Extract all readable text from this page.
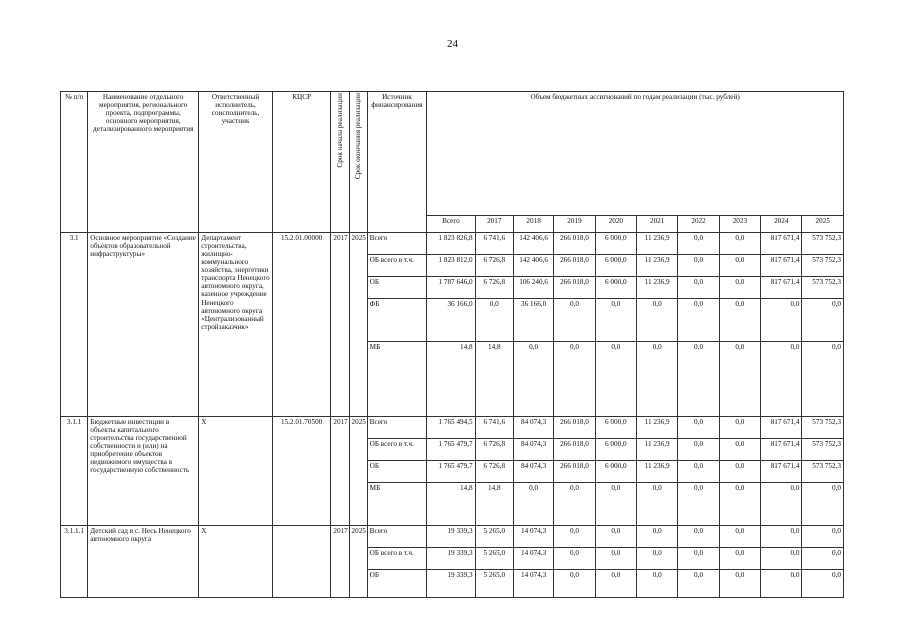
24
№ п/п	Наименование отдельного мероприятия, регионального проекта, подпрограммы, основного мероприятия, детализированного мероприятия	Ответственный исполнитель, соисполнитель, участник	КЦСР	Срок начала реализации	Срок окончания реализации	Источник финансирования	Объем бюджетных ассигнований по годам реализации (тыс. рублей)									
							Всего	2017	2018	2019	2020	2021	2022	2023	2024	2025
3.1	Основное мероприятие «Создание объектов образовательной инфраструктуры»	Департамент строительства, жилищно-коммунального хозяйства, энергетики транспорта Ненецкого автономного округа, казенное учреждение Ненецкого автономного округа «Централизованный стройзаказчик»	15.2.01.00000	2017	2025	Всего	1 823 826,8	6 741,6	142 406,6	266 018,0	6 000,0	11 236,9	0,0	0,0	817 671,4	573 752,3
						ОБ всего в т.ч.	1 823 812,0	6 726,8	142 406,6	266 018,0	6 000,0	11 236,9	0,0	0,0	817 671,4	573 752,3
						ОБ	1 787 646,0	6 726,8	106 240,6	266 018,0	6 000,0	11 236,9	0,0	0,0	817 671,4	573 752,3
						ФБ	36 166,0	0,0	36 166,0	0,0	0,0	0,0	0,0	0,0	0,0	0,0
						МБ	14,8	14,8	0,0	0,0	0,0	0,0	0,0	0,0	0,0	0,0
3.1.1	Бюджетные инвестиции в объекты капитального строительства государственной собственности и (или) на приобретение объектов недвижимого имущества в государственную собственность	Х	15.2.01.70500	2017	2025	Всего	1 765 494,5	6 741,6	84 074,3	266 018,0	6 000,0	11 236,9	0,0	0,0	817 671,4	573 752,3
						ОБ всего в т.ч.	1 765 479,7	6 726,8	84 074,3	266 018,0	6 000,0	11 236,9	0,0	0,0	817 671,4	573 752,3
						ОБ	1 765 479,7	6 726,8	84 074,3	266 018,0	6 000,0	11 236,9	0,0	0,0	817 671,4	573 752,3
						МБ	14,8	14,8	0,0	0,0	0,0	0,0	0,0	0,0	0,0	0,0
3.1.1.1	Детский сад в с. Несь Ненецкого автономного округа	Х		2017	2025	Всего	19 339,3	5 265,0	14 074,3	0,0	0,0	0,0	0,0	0,0	0,0	0,0
						ОБ всего в т.ч.	19 339,3	5 265,0	14 074,3	0,0	0,0	0,0	0,0	0,0	0,0	0,0
						ОБ	19 339,3	5 265,0	14 074,3	0,0	0,0	0,0	0,0	0,0	0,0	0,0
